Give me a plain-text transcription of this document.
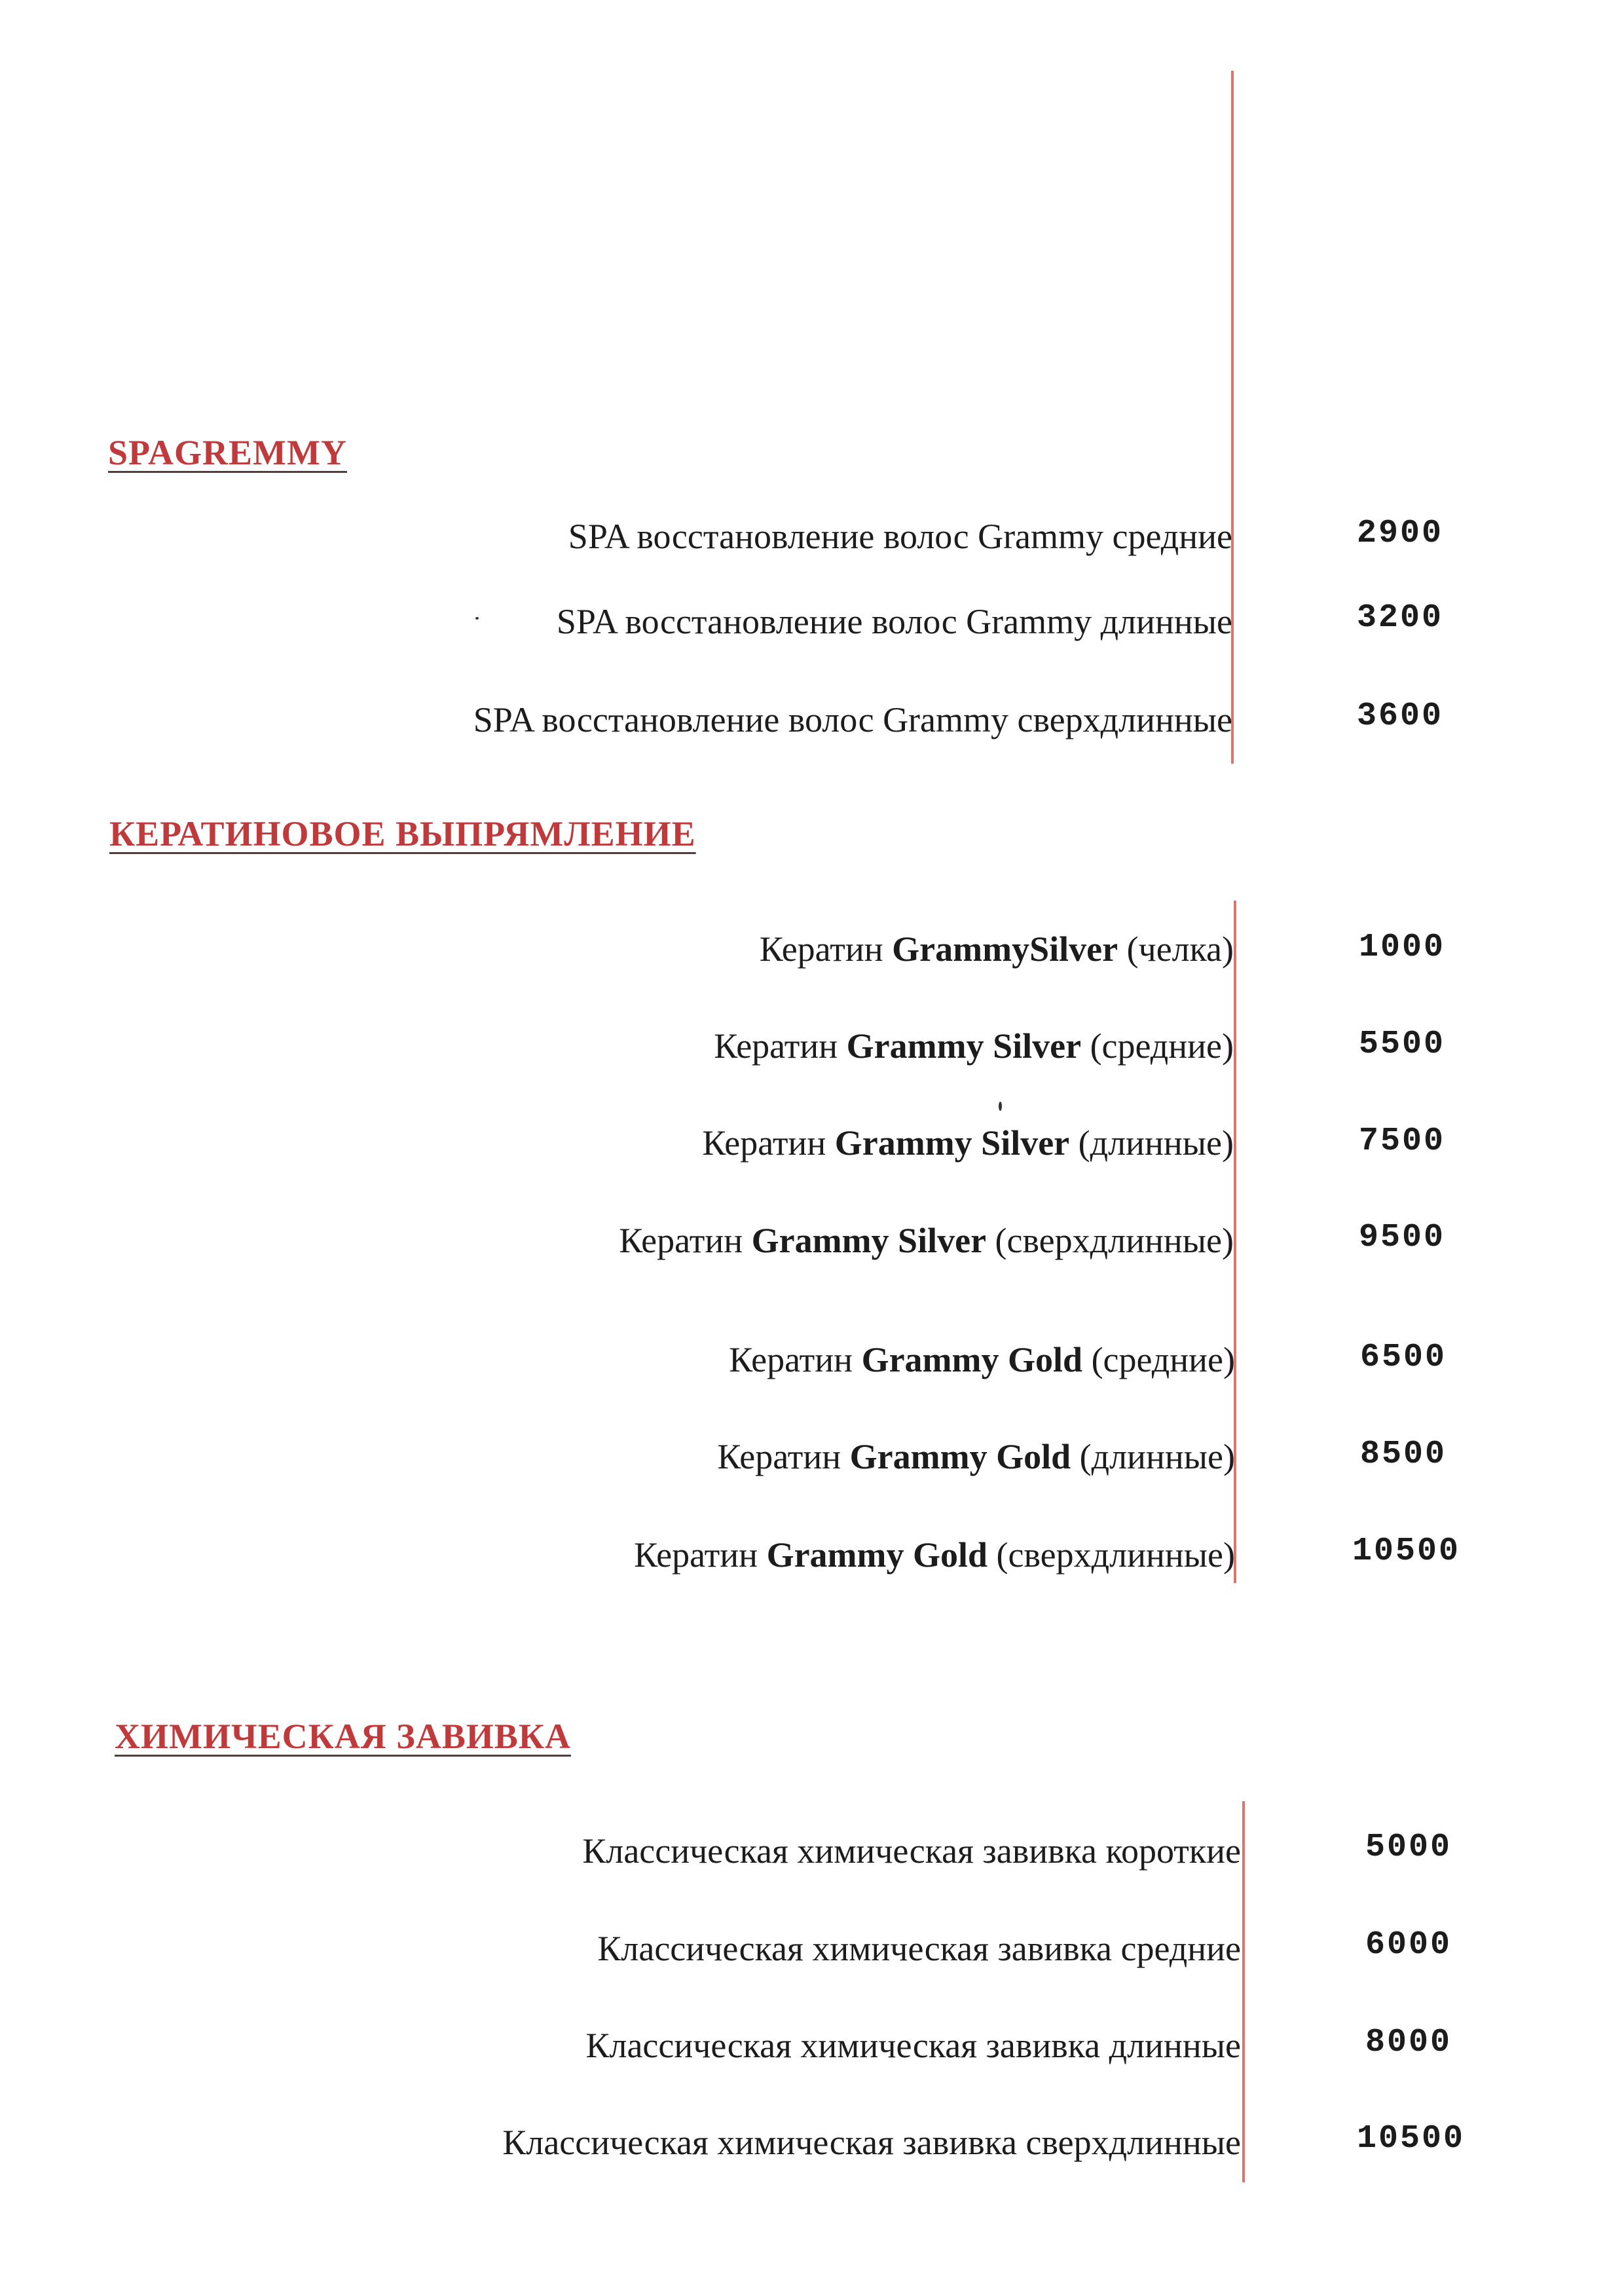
SPAGREMMY
SPA восстановление волос Grammy средние	2900
SPA восстановление волос Grammy длинные	3200
SPA восстановление волос Grammy сверхдлинные	3600
КЕРАТИНОВОЕ ВЫПРЯМЛЕНИЕ
Кератин GrammySilver (челка)	1000
Кератин Grammy Silver (средние)	5500
Кератин Grammy Silver (длинные)	7500
Кератин Grammy Silver (сверхдлинные)	9500
Кератин Grammy Gold (средние)	6500
Кератин Grammy Gold (длинные)	8500
Кератин Grammy Gold (сверхдлинные)	10500
ХИМИЧЕСКАЯ ЗАВИВКА
Классическая химическая завивка короткие	5000
Классическая химическая завивка средние	6000
Классическая химическая завивка длинные	8000
Классическая химическая завивка сверхдлинные	10500
